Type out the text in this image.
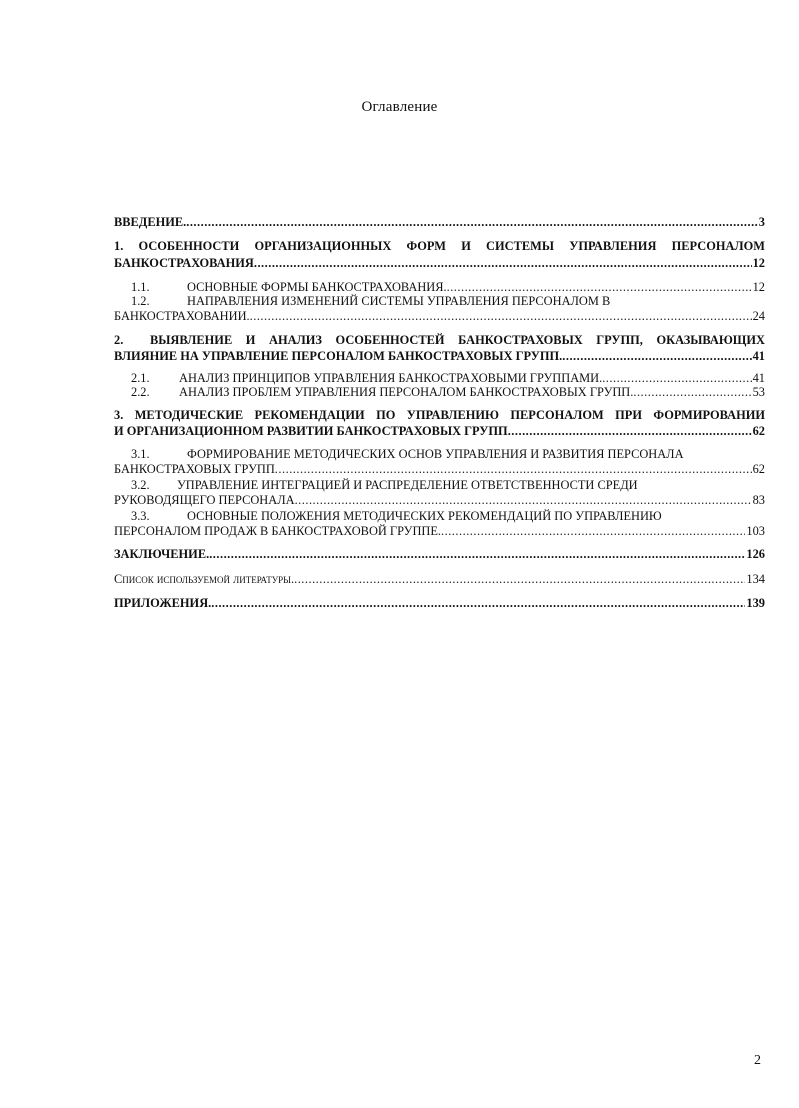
Оглавление
ВВЕДЕНИЕ. .....	3
1. ОСОБЕННОСТИ ОРГАНИЗАЦИОННЫХ ФОРМ И СИСТЕМЫ УПРАВЛЕНИЯ ПЕРСОНАЛОМ
БАНКОСТРАХОВАНИЯ .....	12
1.1.	ОСНОВНЫЕ ФОРМЫ БАНКОСТРАХОВАНИЯ. .....	12
1.2.	НАПРАВЛЕНИЯ ИЗМЕНЕНИЙ СИСТЕМЫ УПРАВЛЕНИЯ ПЕРСОНАЛОМ В
БАНКОСТРАХОВАНИИ. .....	24
2. ВЫЯВЛЕНИЕ И АНАЛИЗ ОСОБЕННОСТЕЙ БАНКОСТРАХОВЫХ ГРУПП, ОКАЗЫВАЮЩИХ
ВЛИЯНИЕ НА УПРАВЛЕНИЕ ПЕРСОНАЛОМ БАНКОСТРАХОВЫХ ГРУПП. .....	41
2.1. АНАЛИЗ ПРИНЦИПОВ УПРАВЛЕНИЯ БАНКОСТРАХОВЫМИ ГРУППАМИ. .....	41
2.2. АНАЛИЗ ПРОБЛЕМ УПРАВЛЕНИЯ ПЕРСОНАЛОМ БАНКОСТРАХОВЫХ ГРУПП. .....	53
3. МЕТОДИЧЕСКИЕ РЕКОМЕНДАЦИИ ПО УПРАВЛЕНИЮ ПЕРСОНАЛОМ ПРИ ФОРМИРОВАНИИ
И ОРГАНИЗАЦИОННОМ РАЗВИТИИ БАНКОСТРАХОВЫХ ГРУПП .....	62
3.1.	ФОРМИРОВАНИЕ МЕТОДИЧЕСКИХ ОСНОВ УПРАВЛЕНИЯ И РАЗВИТИЯ ПЕРСОНАЛА
БАНКОСТРАХОВЫХ ГРУПП .....	62
3.2. УПРАВЛЕНИЕ ИНТЕГРАЦИЕЙ И РАСПРЕДЕЛЕНИЕ ОТВЕТСТВЕННОСТИ СРЕДИ
РУКОВОДЯЩЕГО ПЕРСОНАЛА .....	83
3.3.	ОСНОВНЫЕ ПОЛОЖЕНИЯ МЕТОДИЧЕСКИХ РЕКОМЕНДАЦИЙ ПО УПРАВЛЕНИЮ
ПЕРСОНАЛОМ ПРОДАЖ В БАНКОСТРАХОВОЙ ГРУППЕ. .....	103
ЗАКЛЮЧЕНИЕ. .....	126
Список используемой литературы. .....	134
ПРИЛОЖЕНИЯ. .....	139
2
